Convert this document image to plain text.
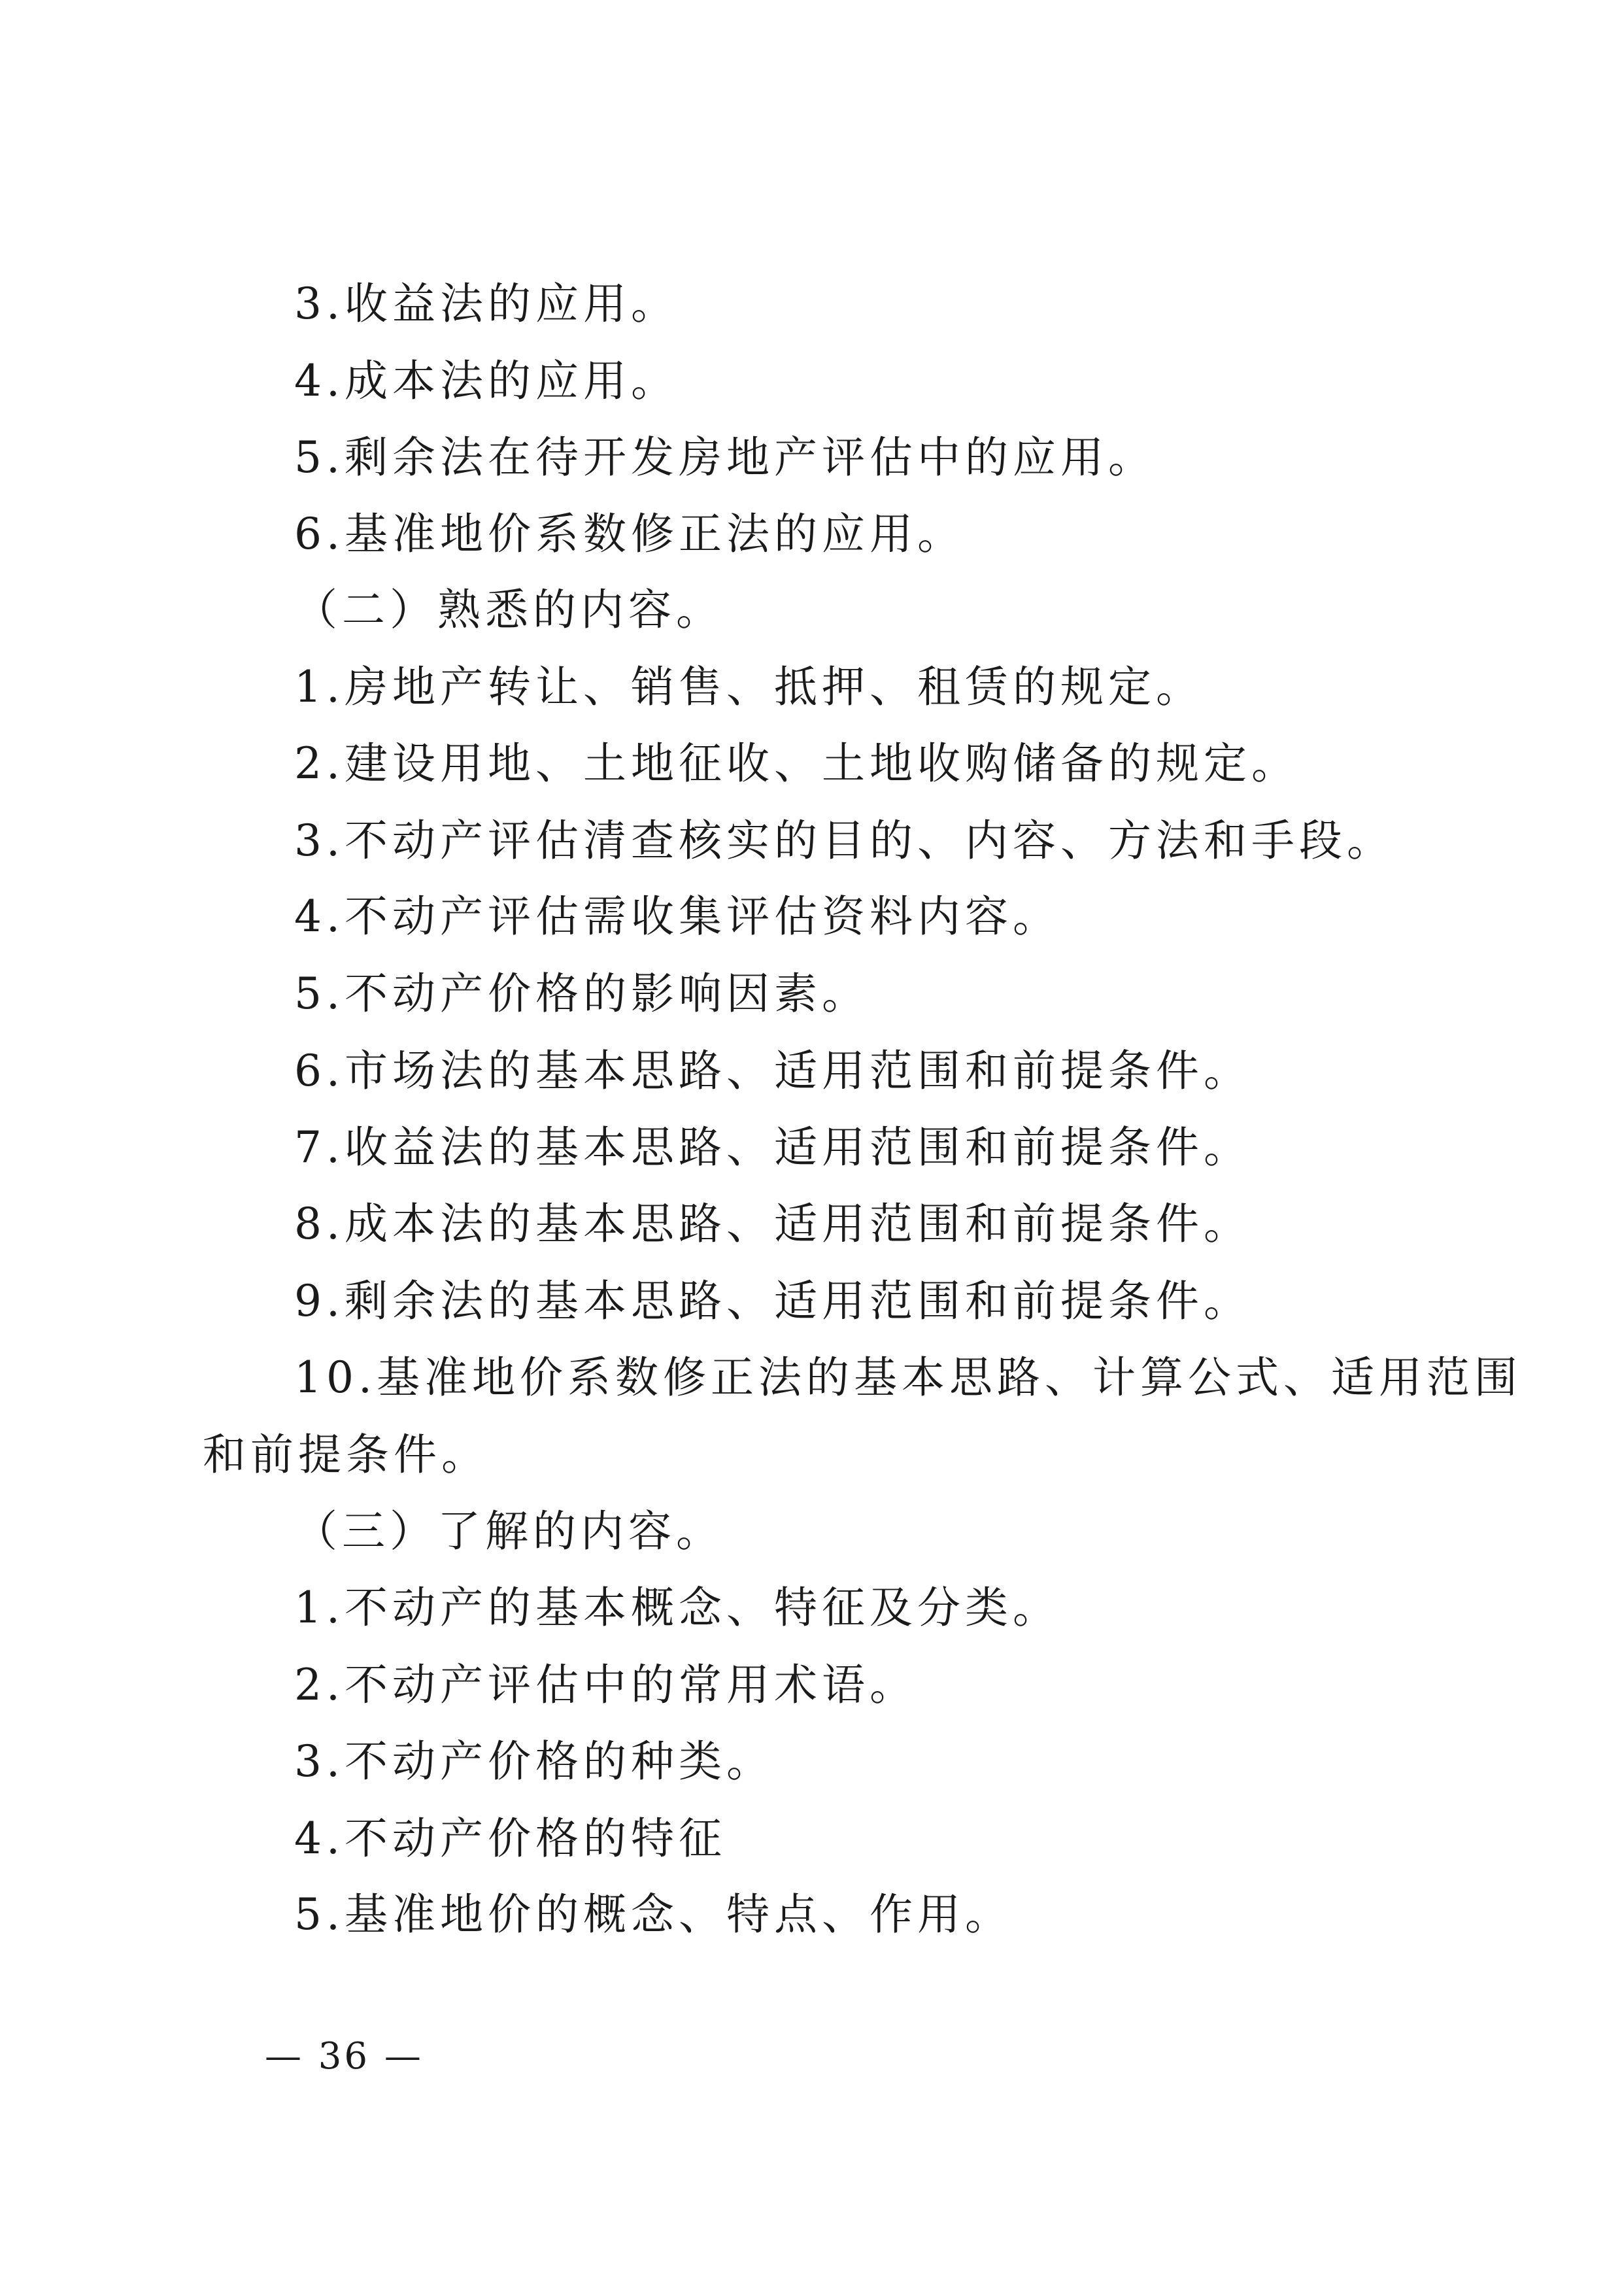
3.收益法的应用。
4.成本法的应用。
5.剩余法在待开发房地产评估中的应用。
6.基准地价系数修正法的应用。
（二）熟悉的内容。
1.房地产转让、销售、抵押、租赁的规定。
2.建设用地、土地征收、土地收购储备的规定。
3.不动产评估清查核实的目的、内容、方法和手段。
4.不动产评估需收集评估资料内容。
5.不动产价格的影响因素。
6.市场法的基本思路、适用范围和前提条件。
7.收益法的基本思路、适用范围和前提条件。
8.成本法的基本思路、适用范围和前提条件。
9.剩余法的基本思路、适用范围和前提条件。
10.基准地价系数修正法的基本思路、计算公式、适用范围
和前提条件。
（三）了解的内容。
1.不动产的基本概念、特征及分类。
2.不动产评估中的常用术语。
3.不动产价格的种类。
4.不动产价格的特征
5.基准地价的概念、特点、作用。
— 36 —
